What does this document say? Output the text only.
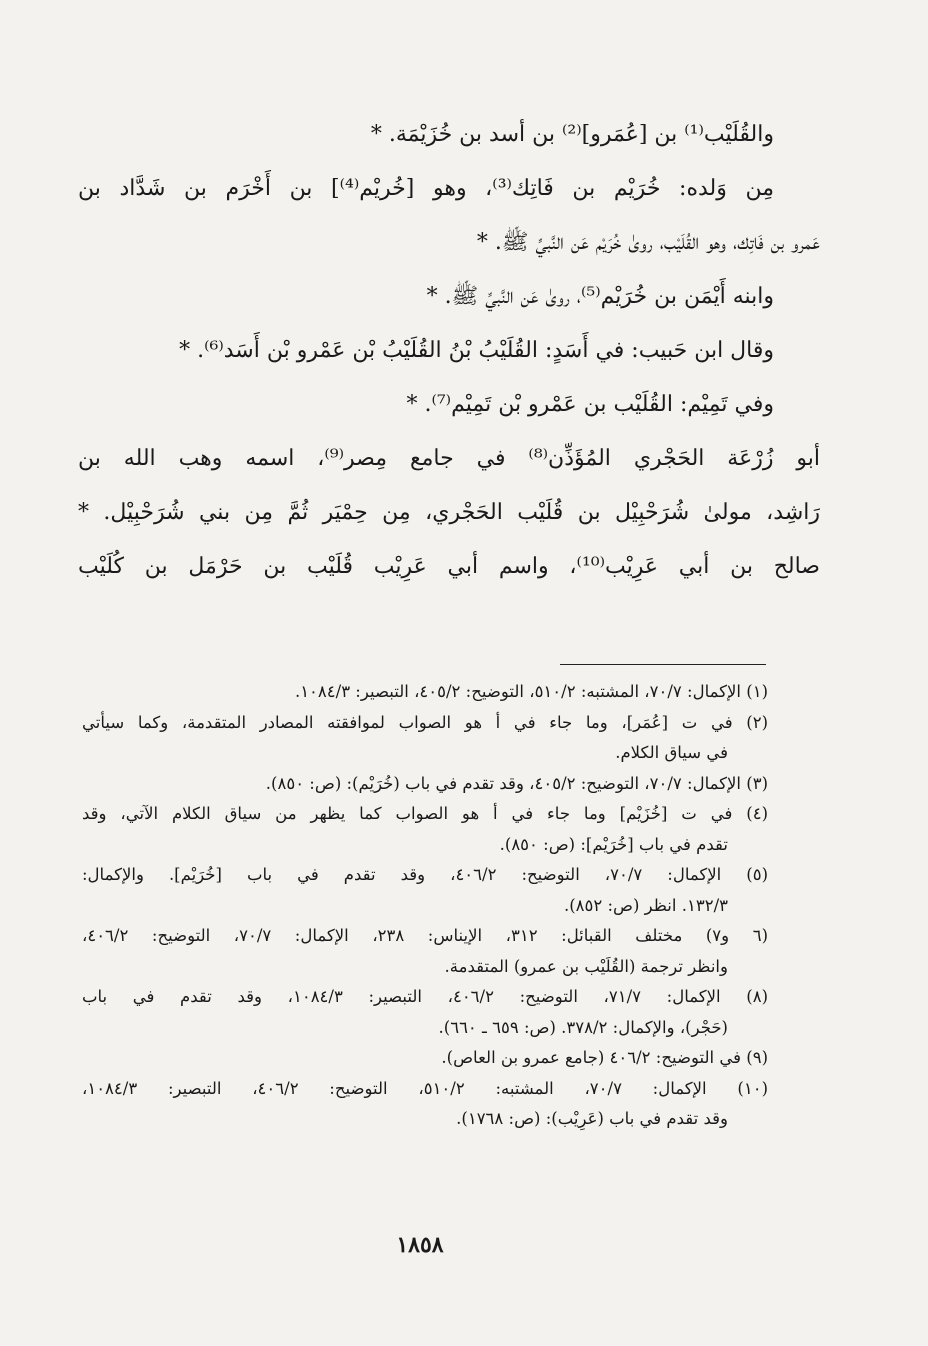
والقُلَيْب⁽¹⁾ بن [عُمَرو]⁽²⁾ بن أسد بن خُزَيْمَة. *

مِن وَلده: خُرَيْم بن فَاتِك⁽³⁾، وهو [خُريْم⁽⁴⁾] بن أَخْرَم بن شَدَّاد بن

عَمرو بن فَاتِك، وهو القُلَيْب، روىٰ خُرَيْم عَن النَّبيِّ ﷺ. *

وابنه أَيْمَن بن خُرَيْم⁽⁵⁾، روىٰ عَن النَّبيِّ ﷺ. *

وقال ابن حَبيب: في أَسَدٍ: القُلَيْبُ بْنُ القُلَيْبُ بْن عَمْرو بْن أَسَد⁽⁶⁾. *

وفي تَمِيْم: القُلَيْب بن عَمْرو بْن تَمِيْم⁽⁷⁾. *

أبو زُرْعَة الحَجْري المُؤَذِّن⁽⁸⁾ في جامع مِصر⁽⁹⁾، اسمه وهب الله بن

رَاشِد، مولىٰ شُرَحْبِيْل بن قُلَيْب الحَجْري، مِن حِمْيَر ثُمَّ مِن بني شُرَحْبِيْل. *

صالح بن أبي عَرِيْب⁽¹⁰⁾، واسم أبي عَرِيْب قُلَيْب بن حَرْمَل بن كُلَيْب

(١) الإكمال: ٧٠/٧، المشتبه: ٥١٠/٢، التوضيح: ٤٠٥/٢، التبصير: ١٠٨٤/٣.

(٢) في ت [عُمَر]، وما جاء في أ هو الصواب لموافقته المصادر المتقدمة، وكما سيأتي

في سياق الكلام.

(٣) الإكمال: ٧٠/٧، التوضيح: ٤٠٥/٢، وقد تقدم في باب (خُرَيْم): (ص: ٨٥٠).

(٤) في ت [خُزَيْم] وما جاء في أ هو الصواب كما يظهر من سياق الكلام الآتي، وقد

تقدم في باب [خُرَيْم]: (ص: ٨٥٠).

(٥) الإكمال: ٧٠/٧، التوضيح: ٤٠٦/٢، وقد تقدم في باب [خُرَيْم]. والإكمال:

١٣٢/٣. انظر (ص: ٨٥٢).

(٦ و٧) مختلف القبائل: ٣١٢، الإيناس: ٢٣٨، الإكمال: ٧٠/٧، التوضيح: ٤٠٦/٢،

وانظر ترجمة (القُلَيْب بن عمرو) المتقدمة.

(٨) الإكمال: ٧١/٧، التوضيح: ٤٠٦/٢، التبصير: ١٠٨٤/٣، وقد تقدم في باب

(حَجْر)، والإكمال: ٣٧٨/٢. (ص: ٦٥٩ ـ ٦٦٠).

(٩) في التوضيح: ٤٠٦/٢ (جامع عمرو بن العاص).

(١٠) الإكمال: ٧٠/٧، المشتبه: ٥١٠/٢، التوضيح: ٤٠٦/٢، التبصير: ١٠٨٤/٣،

وقد تقدم في باب (عَرِيْب): (ص: ١٧٦٨).

١٨٥٨
